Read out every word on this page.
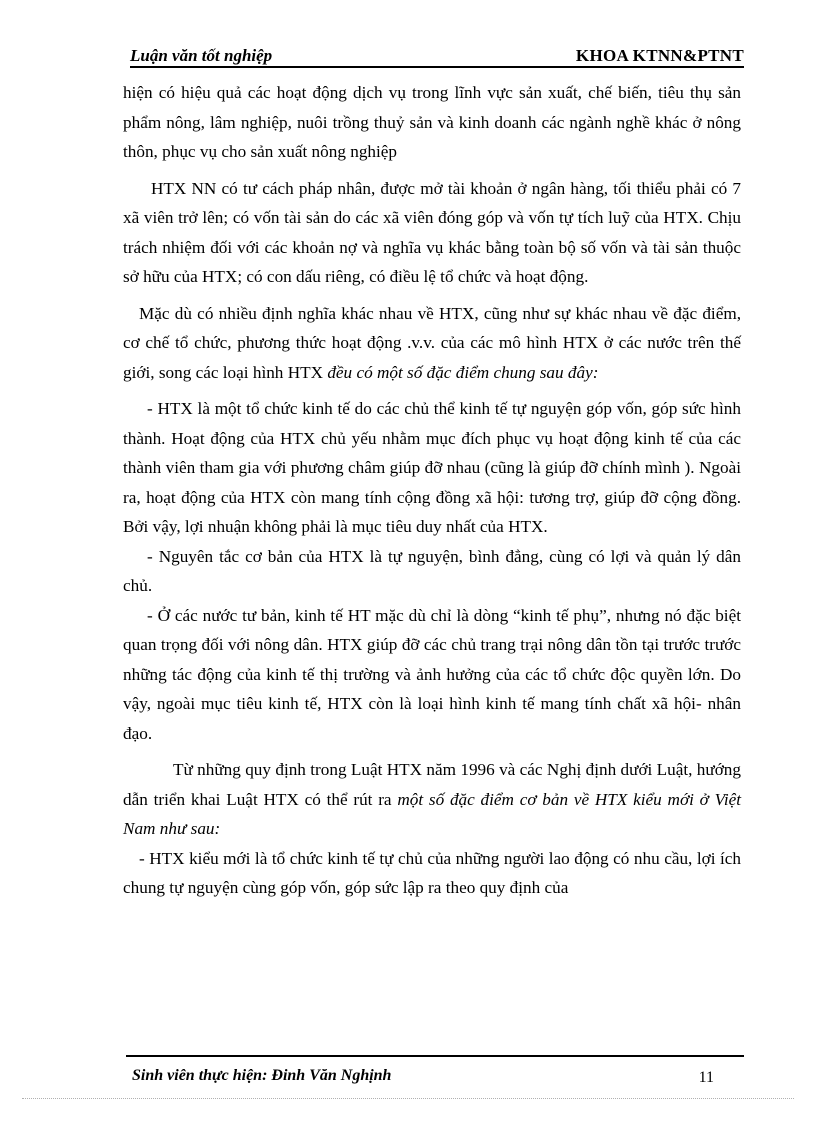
Luận văn tốt nghiệp	KHOA KTNN&PTNT

hiện có hiệu quả các hoạt động dịch vụ trong lĩnh vực sản xuất, chế biến, tiêu thụ sản phẩm nông, lâm nghiệp, nuôi trồng thuỷ sản và kinh doanh các ngành nghề khác ở nông thôn, phục vụ cho sản xuất nông nghiệp

HTX NN có tư cách pháp nhân, được mở tài khoản ở ngân hàng, tối thiểu phải có 7 xã viên trở lên; có vốn tài sản do các xã viên đóng góp và vốn tự tích luỹ của HTX. Chịu trách nhiệm đối với các khoản nợ và nghĩa vụ khác bằng toàn bộ số vốn và tài sản thuộc sở hữu của HTX; có con dấu riêng, có điều lệ tổ chức và hoạt động.

Mặc dù có nhiều định nghĩa khác nhau về HTX, cũng như sự khác nhau về đặc điểm, cơ chế tổ chức, phương thức hoạt động .v.v. của các mô hình HTX ở các nước trên thế giới, song các loại hình HTX đều có một số đặc điểm chung sau đây:

- HTX là một tổ chức kinh tế do các chủ thể kinh tế tự nguyện góp vốn, góp sức hình thành. Hoạt động của HTX chủ yếu nhằm mục đích phục vụ hoạt động kinh tế của các thành viên tham gia với phương châm giúp đỡ nhau (cũng là giúp đỡ chính mình ). Ngoài ra, hoạt động của HTX còn mang tính cộng đồng xã hội: tương trợ, giúp đỡ cộng đồng. Bởi vậy, lợi nhuận không phải là mục tiêu duy nhất của HTX.

- Nguyên tắc cơ bản của HTX là tự nguyện, bình đẳng, cùng có lợi và quản lý dân chủ.

- Ở các nước tư bản, kinh tế HT mặc dù chỉ là dòng “kinh tế phụ”, nhưng nó đặc biệt quan trọng đối với nông dân. HTX giúp đỡ các chủ trang trại nông dân tồn tại trước trước những tác động của kinh tế thị trường và ảnh hưởng của các tổ chức độc quyền lớn. Do vậy, ngoài mục tiêu kinh tế, HTX còn là loại hình kinh tế mang tính chất xã hội- nhân đạo.

Từ những quy định trong Luật HTX năm 1996 và các Nghị định dưới Luật, hướng dẫn triển khai Luật HTX có thể rút ra một số đặc điểm cơ bản về HTX kiểu mới ở Việt Nam như sau:

- HTX kiểu mới là tổ chức kinh tế tự chủ của những người lao động có nhu cầu, lợi ích chung tự nguyện cùng góp vốn, góp sức lập ra theo quy định của

Sinh viên thực hiện: Đinh Văn Nghịnh	11
